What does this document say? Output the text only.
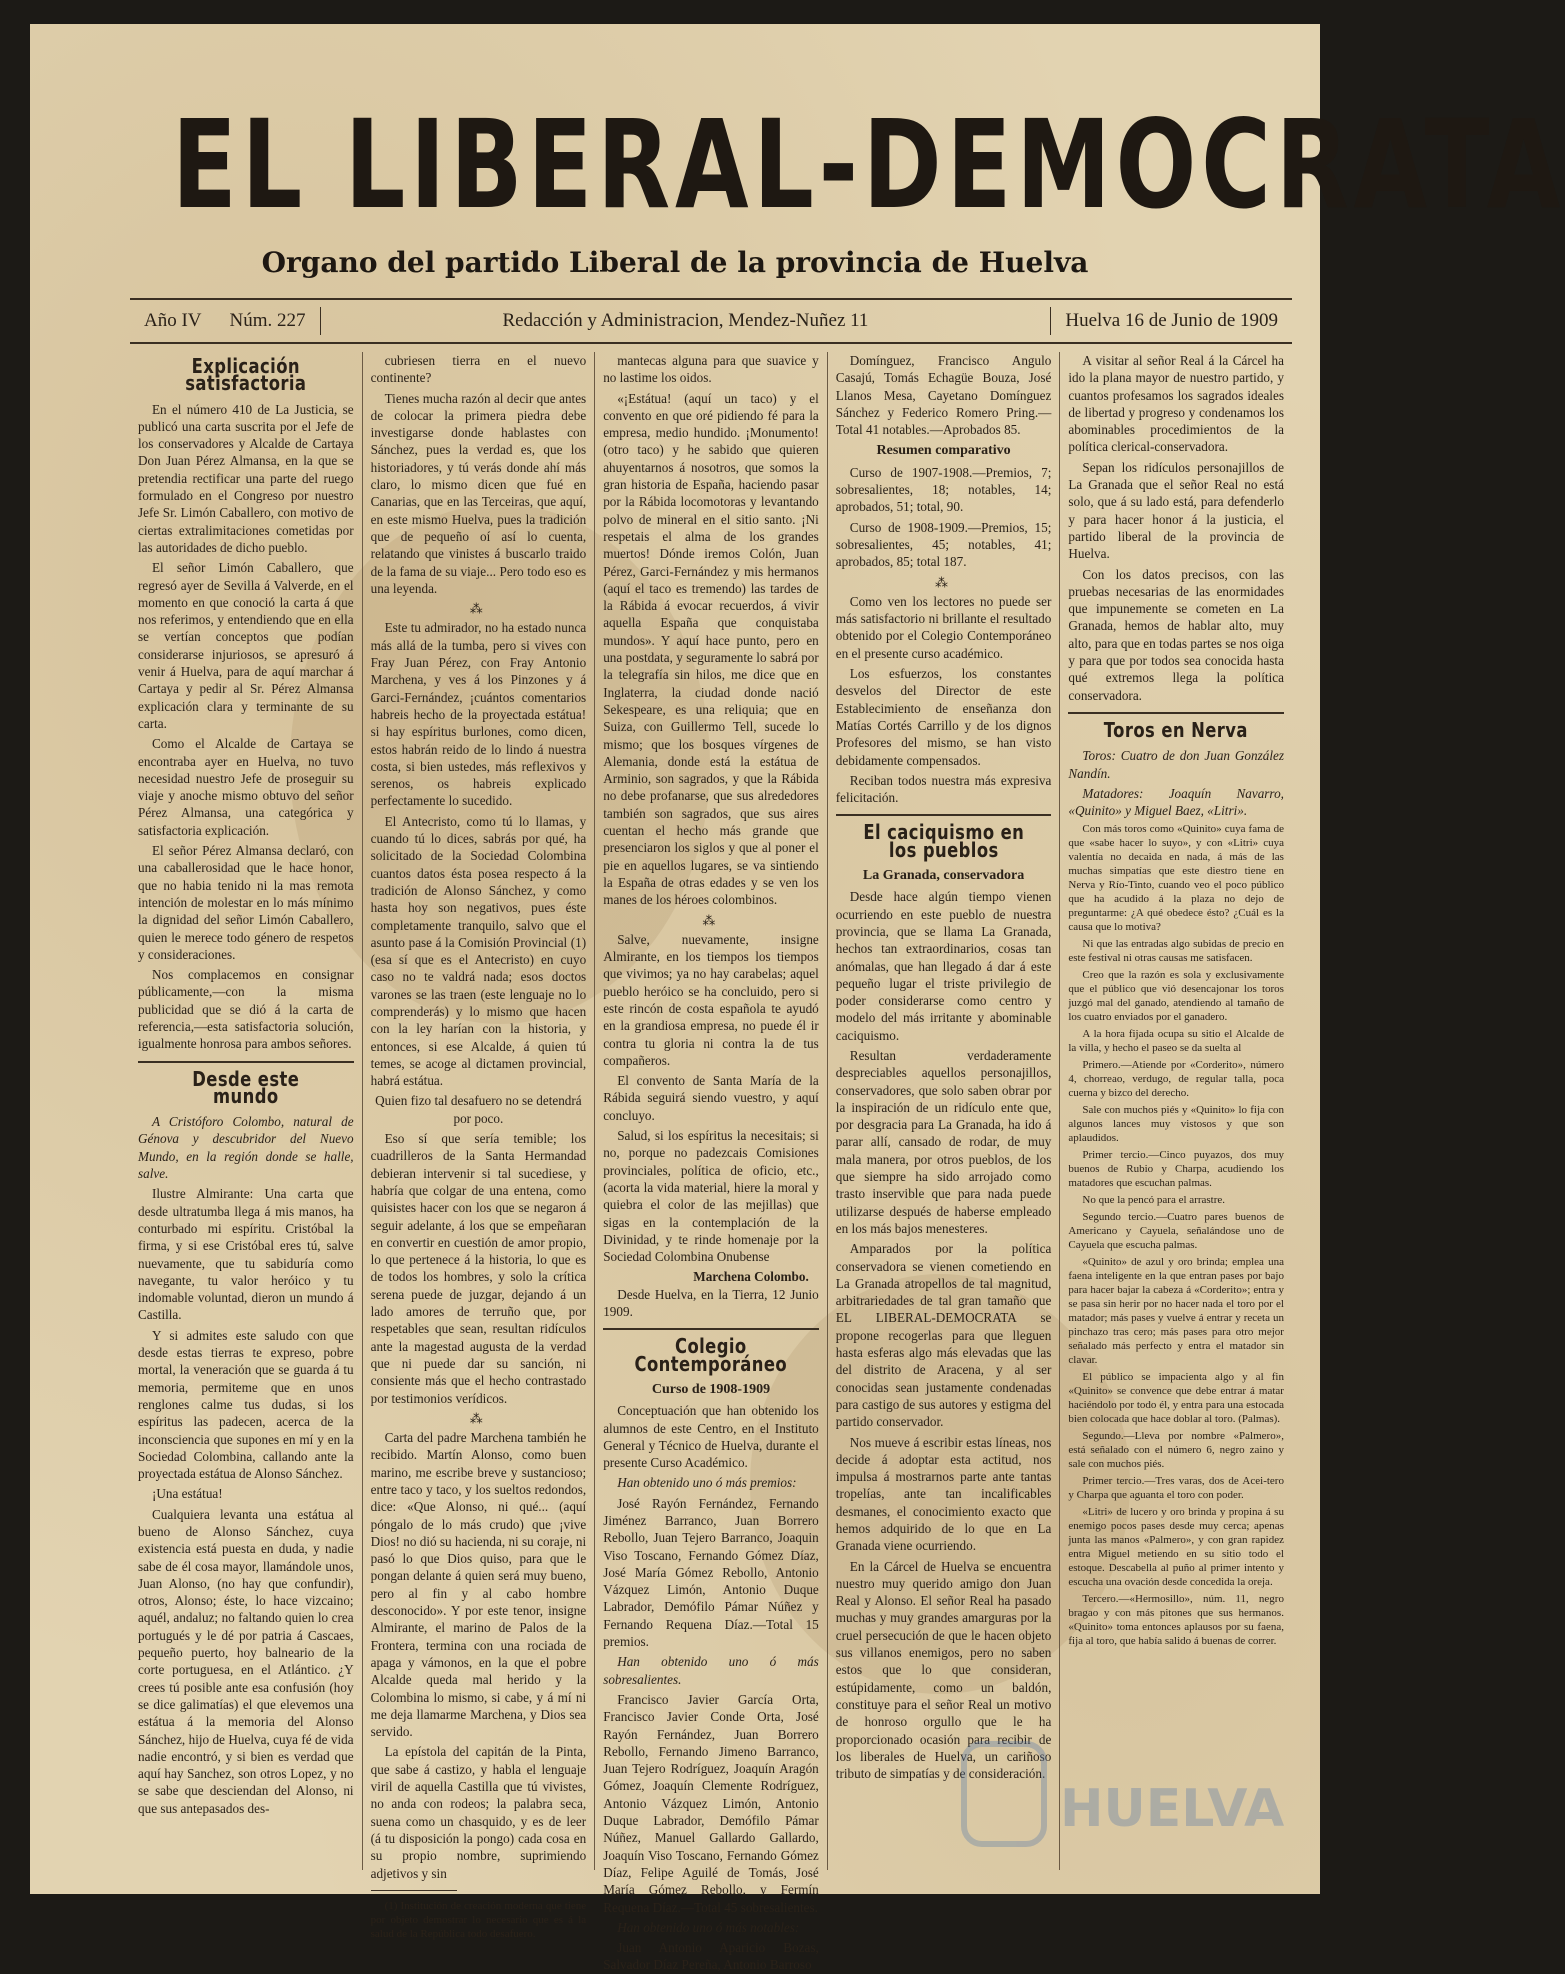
EL LIBERAL-DEMOCRATA
Organo del partido Liberal de la provincia de Huelva
Año IV	Núm. 227	Redacción y Administracion, Mendez-Nuñez 11	Huelva 16 de Junio de 1909
Explicación satisfactoria

En el número 410 de La Justicia, se publicó una carta suscrita por el Jefe de los conservadores y Alcalde de Cartaya Don Juan Pérez Almansa, en la que se pretendia rectificar una parte del ruego formulado en el Congreso por nuestro Jefe Sr. Limón Caballero, con motivo de ciertas extralimitaciones cometidas por las autoridades de dicho pueblo.

El señor Limón Caballero, que regresó ayer de Sevilla á Valverde, en el momento en que conoció la carta á que nos referimos, y entendiendo que en ella se vertían conceptos que podían considerarse injuriosos, se apresuró á venir á Huelva, para de aquí marchar á Cartaya y pedir al Sr. Pérez Almansa explicación clara y terminante de su carta.

Como el Alcalde de Cartaya se encontraba ayer en Huelva, no tuvo necesidad nuestro Jefe de proseguir su viaje y anoche mismo obtuvo del señor Pérez Almansa, una categórica y satisfactoria explicación.

El señor Pérez Almansa declaró, con una caballerosidad que le hace honor, que no habia tenido ni la mas remota intención de molestar en lo más mínimo la dignidad del señor Limón Caballero, quien le merece todo género de respetos y consideraciones.

Nos complacemos en consignar públicamente,—con la misma publicidad que se dió á la carta de referencia,—esta satisfactoria solución, igualmente honrosa para ambos señores.

Desde este mundo

A Cristóforo Colombo, natural de Génova y descubridor del Nuevo Mundo, en la región donde se halle, salve.

Ilustre Almirante: Una carta que desde ultratumba llega á mis manos, ha conturbado mi espíritu. Cristóbal la firma, y si ese Cristóbal eres tú, salve nuevamente, que tu sabiduría como navegante, tu valor heróico y tu indomable voluntad, dieron un mundo á Castilla.

Y si admites este saludo con que desde estas tierras te expreso, pobre mortal, la veneración que se guarda á tu memoria, permiteme que en unos renglones calme tus dudas, si los espíritus las padecen, acerca de la inconsciencia que supones en mí y en la Sociedad Colombina, callando ante la proyectada estátua de Alonso Sánchez.

¡Una estátua!

Cualquiera levanta una estátua al bueno de Alonso Sánchez, cuya existencia está puesta en duda, y nadie sabe de él cosa mayor, llamándole unos, Juan Alonso, (no hay que confundir), otros, Alonso; éste, lo hace vizcaino; aquél, andaluz; no faltando quien lo crea portugués y le dé por patria á Cascaes, pequeño puerto, hoy balneario de la corte portuguesa, en el Atlántico. ¿Y crees tú posible ante esa confusión (hoy se dice galimatías) el que elevemos una estátua á la memoria del Alonso Sánchez, hijo de Huelva, cuya fé de vida nadie encontró, y si bien es verdad que aquí hay Sanchez, son otros Lopez, y no se sabe que desciendan del Alonso, ni que sus antepasados des-

cubriesen tierra en el nuevo continente?

Tienes mucha razón al decir que antes de colocar la primera piedra debe investigarse donde hablastes con Sánchez, pues la verdad es, que los historiadores, y tú verás donde ahí más claro, lo mismo dicen que fué en Canarias, que en las Terceiras, que aquí, en este mismo Huelva, pues la tradición que de pequeño oí así lo cuenta, relatando que vinistes á buscarlo traido de la fama de su viaje... Pero todo eso es una leyenda.

⁂

Este tu admirador, no ha estado nunca más allá de la tumba, pero si vives con Fray Juan Pérez, con Fray Antonio Marchena, y ves á los Pinzones y á Garci-Fernández, ¡cuántos comentarios habreis hecho de la proyectada estátua! si hay espíritus burlones, como dicen, estos habrán reido de lo lindo á nuestra costa, si bien ustedes, más reflexivos y serenos, os habreis explicado perfectamente lo sucedido.

El Antecristo, como tú lo llamas, y cuando tú lo dices, sabrás por qué, ha solicitado de la Sociedad Colombina cuantos datos ésta posea respecto á la tradición de Alonso Sánchez, y como hasta hoy son negativos, pues éste completamente tranquilo, salvo que el asunto pase á la Comisión Provincial (1) (esa sí que es el Antecristo) en cuyo caso no te valdrá nada; esos doctos varones se las traen (este lenguaje no lo comprenderás) y lo mismo que hacen con la ley harían con la historia, y entonces, si ese Alcalde, á quien tú temes, se acoge al dictamen provincial, habrá estátua.

Quien fizo tal desafuero no se detendrá por poco.

Eso sí que sería temible; los cuadrilleros de la Santa Hermandad debieran intervenir si tal sucediese, y habría que colgar de una entena, como quisistes hacer con los que se negaron á seguir adelante, á los que se empeñaran en convertir en cuestión de amor propio, lo que pertenece á la historia, lo que es de todos los hombres, y solo la crítica serena puede de juzgar, dejando á un lado amores de terruño que, por respetables que sean, resultan ridículos ante la magestad augusta de la verdad que ni puede dar su sanción, ni consiente más que el hecho contrastado por testimonios verídicos.

⁂

Carta del padre Marchena también he recibido. Martín Alonso, como buen marino, me escribe breve y sustancioso; entre taco y taco, y los sueltos redondos, dice: «Que Alonso, ni qué... (aquí póngalo de lo más crudo) que ¡vive Dios! no dió su hacienda, ni su coraje, ni pasó lo que Dios quiso, para que le pongan delante á quien será muy bueno, pero al fin y al cabo hombre desconocido». Y por este tenor, insigne Almirante, el marino de Palos de la Frontera, termina con una rociada de apaga y vámonos, en la que el pobre Alcalde queda mal herido y la Colombina lo mismo, si cabe, y á mí ni me deja llamarme Marchena, y Dios sea servido.

La epístola del capitán de la Pinta, que sabe á castizo, y habla el lenguaje viril de aquella Castilla que tú vivistes, no anda con rodeos; la palabra seca, suena como un chasquido, y es de leer (á tu disposición la pongo) cada cosa en su propio nombre, suprimiendo adjetivos y sin

(1) Institución de creación moderna que tiene por objeto demostrar lo necesario que es á la salud de la República todo desafuero.

mantecas alguna para que suavice y no lastime los oidos.

«¡Estátua! (aquí un taco) y el convento en que oré pidiendo fé para la empresa, medio hundido. ¡Monumento! (otro taco) y he sabido que quieren ahuyentarnos á nosotros, que somos la gran historia de España, haciendo pasar por la Rábida locomotoras y levantando polvo de mineral en el sitio santo. ¡Ni respetais el alma de los grandes muertos! Dónde iremos Colón, Juan Pérez, Garci-Fernández y mis hermanos (aquí el taco es tremendo) las tardes de la Rábida á evocar recuerdos, á vivir aquella España que conquistaba mundos». Y aquí hace punto, pero en una postdata, y seguramente lo sabrá por la telegrafía sin hilos, me dice que en Inglaterra, la ciudad donde nació Sekespeare, es una reliquia; que en Suiza, con Guillermo Tell, sucede lo mismo; que los bosques vírgenes de Alemania, donde está la estátua de Arminio, son sagrados, y que la Rábida no debe profanarse, que sus alrededores también son sagrados, que sus aires cuentan el hecho más grande que presenciaron los siglos y que al poner el pie en aquellos lugares, se va sintiendo la España de otras edades y se ven los manes de los héroes colombinos.

⁂

Salve, nuevamente, insigne Almirante, en los tiempos los tiempos que vivimos; ya no hay carabelas; aquel pueblo heróico se ha concluido, pero si este rincón de costa española te ayudó en la grandiosa empresa, no puede él ir contra tu gloria ni contra la de tus compañeros.

El convento de Santa María de la Rábida seguirá siendo vuestro, y aquí concluyo.

Salud, si los espíritus la necesitais; si no, porque no padezcais Comisiones provinciales, política de oficio, etc., (acorta la vida material, hiere la moral y quiebra el color de las mejillas) que sigas en la contemplación de la Divinidad, y te rinde homenaje por la Sociedad Colombina Onubense

Marchena Colombo.

Desde Huelva, en la Tierra, 12 Junio 1909.

Colegio Contemporáneo
Curso de 1908-1909

Conceptuación que han obtenido los alumnos de este Centro, en el Instituto General y Técnico de Huelva, durante el presente Curso Académico.

Han obtenido uno ó más premios:

José Rayón Fernández, Fernando Jiménez Barranco, Juan Borrero Rebollo, Juan Tejero Barranco, Joaquin Viso Toscano, Fernando Gómez Díaz, José María Gómez Rebollo, Antonio Vázquez Limón, Antonio Duque Labrador, Demófilo Pámar Núñez y Fernando Requena Díaz.—Total 15 premios.

Han obtenido uno ó más sobresalientes.

Francisco Javier García Orta, Francisco Javier Conde Orta, José Rayón Fernández, Juan Borrero Rebollo, Fernando Jimeno Barranco, Juan Tejero Rodríguez, Joaquín Aragón Gómez, Joaquín Clemente Rodríguez, Antonio Vázquez Limón, Antonio Duque Labrador, Demófilo Pámar Núñez, Manuel Gallardo Gallardo, Joaquín Viso Toscano, Fernando Gómez Díaz, Felipe Aguilé de Tomás, José María Gómez Rebollo, y Fermín Requena Díaz.—Total 45 sobresalientes.

Han obtenido uno ó más notables:

Juan Antonio Aparicio Bozas, Salvador Díaz Pereña, Antonio Barroso

Domínguez, Francisco Angulo Casajú, Tomás Echagüe Bouza, José Llanos Mesa, Cayetano Domínguez Sánchez y Federico Romero Pring.—Total 41 notables.—Aprobados 85.

Resumen comparativo

Curso de 1907-1908.—Premios, 7; sobresalientes, 18; notables, 14; aprobados, 51; total, 90.

Curso de 1908-1909.—Premios, 15; sobresalientes, 45; notables, 41; aprobados, 85; total 187.

⁂

Como ven los lectores no puede ser más satisfactorio ni brillante el resultado obtenido por el Colegio Contemporáneo en el presente curso académico.

Los esfuerzos, los constantes desvelos del Director de este Establecimiento de enseñanza don Matías Cortés Carrillo y de los dignos Profesores del mismo, se han visto debidamente compensados.

Reciban todos nuestra más expresiva felicitación.

El caciquismo en los pueblos
La Granada, conservadora

Desde hace algún tiempo vienen ocurriendo en este pueblo de nuestra provincia, que se llama La Granada, hechos tan extraordinarios, cosas tan anómalas, que han llegado á dar á este pequeño lugar el triste privilegio de poder considerarse como centro y modelo del más irritante y abominable caciquismo.

Resultan verdaderamente despreciables aquellos personajillos, conservadores, que solo saben obrar por la inspiración de un ridículo ente que, por desgracia para La Granada, ha ido á parar allí, cansado de rodar, de muy mala manera, por otros pueblos, de los que siempre ha sido arrojado como trasto inservible que para nada puede utilizarse después de haberse empleado en los más bajos menesteres.

Amparados por la política conservadora se vienen cometiendo en La Granada atropellos de tal magnitud, arbitrariedades de tal gran tamaño que EL LIBERAL-DEMOCRATA se propone recogerlas para que lleguen hasta esferas algo más elevadas que las del distrito de Aracena, y al ser conocidas sean justamente condenadas para castigo de sus autores y estigma del partido conservador.

Nos mueve á escribir estas líneas, nos decide á adoptar esta actitud, nos impulsa á mostrarnos parte ante tantas tropelías, ante tan incalificables desmanes, el conocimiento exacto que hemos adquirido de lo que en La Granada viene ocurriendo.

En la Cárcel de Huelva se encuentra nuestro muy querido amigo don Juan Real y Alonso. El señor Real ha pasado muchas y muy grandes amarguras por la cruel persecución de que le hacen objeto sus villanos enemigos, pero no saben estos que lo que consideran, estúpidamente, como un baldón, constituye para el señor Real un motivo de honroso orgullo que le ha proporcionado ocasión para recibir de los liberales de Huelva, un cariñoso tributo de simpatías y de consideración.

A visitar al señor Real á la Cárcel ha ido la plana mayor de nuestro partido, y cuantos profesamos los sagrados ideales de libertad y progreso y condenamos los abominables procedimientos de la política clerical-conservadora.

Sepan los ridículos personajillos de La Granada que el señor Real no está solo, que á su lado está, para defenderlo y para hacer honor á la justicia, el partido liberal de la provincia de Huelva.

Con los datos precisos, con las pruebas necesarias de las enormidades que impunemente se cometen en La Granada, hemos de hablar alto, muy alto, para que en todas partes se nos oiga y para que por todos sea conocida hasta qué extremos llega la política conservadora.

Toros en Nerva

Toros: Cuatro de don Juan González Nandín.

Matadores: Joaquín Navarro, «Quinito» y Miguel Baez, «Litri».

Con más toros como «Quinito» cuya fama de que «sabe hacer lo suyo», y con «Litri» cuya valentía no decaida en nada, á más de las muchas simpatías que este diestro tiene en Nerva y Río-Tinto, cuando veo el poco público que ha acudido á la plaza no dejo de preguntarme: ¿A qué obedece ésto? ¿Cuál es la causa que lo motiva?

Ni que las entradas algo subidas de precio en este festival ni otras causas me satisfacen.

Creo que la razón es sola y exclusivamente que el público que vió desencajonar los toros juzgó mal del ganado, atendiendo al tamaño de los cuatro enviados por el ganadero.

A la hora fijada ocupa su sitio el Alcalde de la villa, y hecho el paseo se da suelta al

Primero.—Atiende por «Corderito», número 4, chorreao, verdugo, de regular talla, poca cuerna y bizco del derecho.

Sale con muchos piés y «Quinito» lo fija con algunos lances muy vistosos y que son aplaudidos.

Primer tercio.—Cinco puyazos, dos muy buenos de Rubio y Charpa, acudiendo los matadores que escuchan palmas.

No que la pencó para el arrastre.

Segundo tercio.—Cuatro pares buenos de Americano y Cayuela, señalándose uno de Cayuela que escucha palmas.

«Quinito» de azul y oro brinda; emplea una faena inteligente en la que entran pases por bajo para hacer bajar la cabeza á «Corderito»; entra y se pasa sin herir por no hacer nada el toro por el matador; más pases y vuelve á entrar y receta un pinchazo tras cero; más pases para otro mejor señalado más perfecto y entra el matador sin clavar.

El público se impacienta algo y al fin «Quinito» se convence que debe entrar á matar haciéndolo por todo él, y entra para una estocada bien colocada que hace doblar al toro. (Palmas).

Segundo.—Lleva por nombre «Palmero», está señalado con el número 6, negro zaino y sale con muchos piés.

Primer tercio.—Tres varas, dos de Acei-tero y Charpa que aguanta el toro con poder.

«Litri» de lucero y oro brinda y propina á su enemigo pocos pases desde muy cerca; apenas junta las manos «Palmero», y con gran rapidez entra Miguel metiendo en su sitio todo el estoque. Descabella al puño al primer intento y escucha una ovación desde concedida la oreja.

Tercero.—«Hermosillo», núm. 11, negro bragao y con más pitones que sus hermanos. «Quinito» toma entonces aplausos por su faena, fija al toro, que había salido á buenas de correr.

HUELVA
